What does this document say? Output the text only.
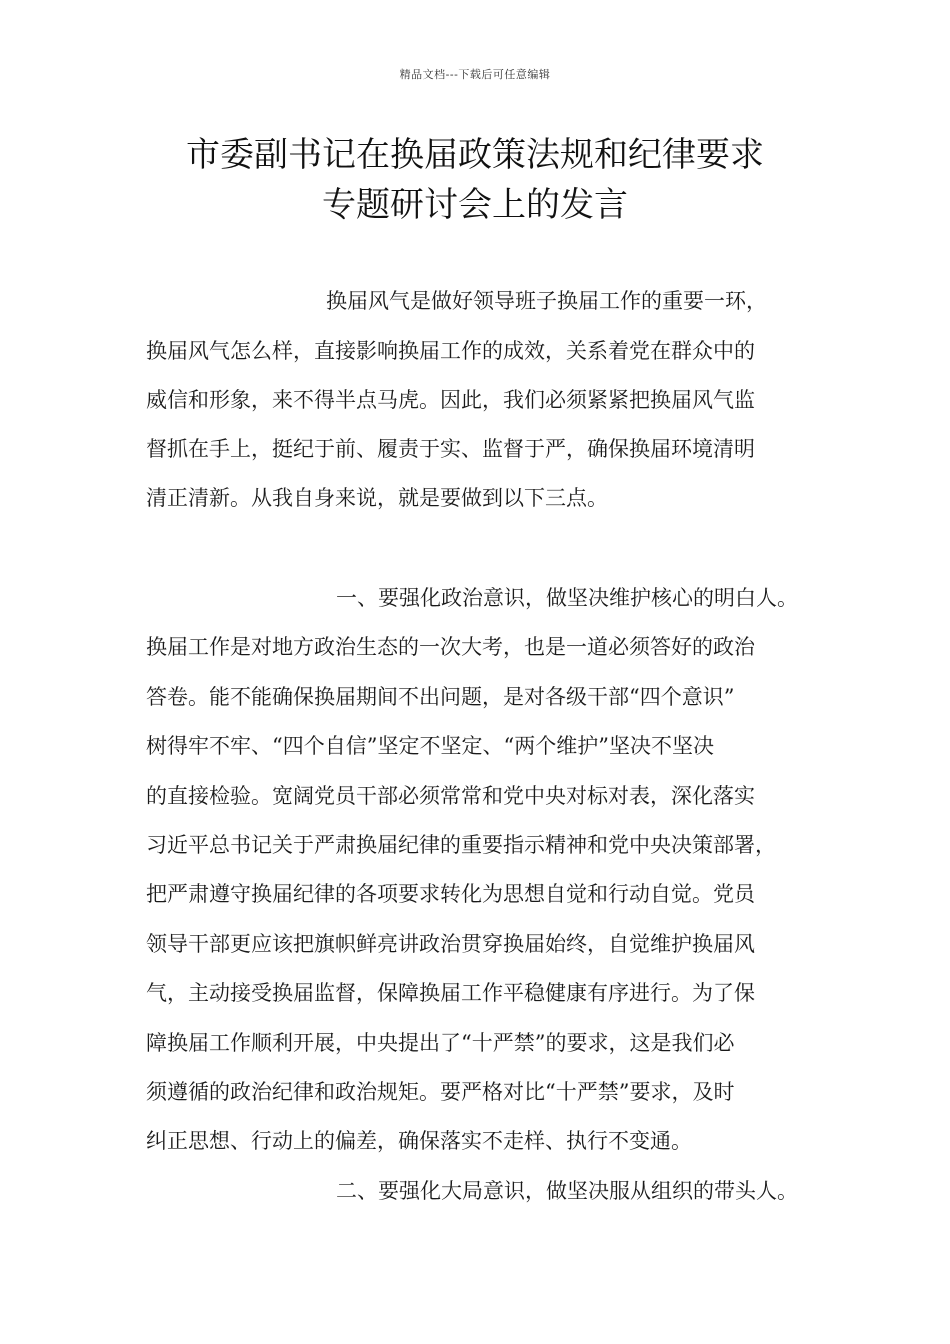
精品文档---下载后可任意编辑
市委副书记在换届政策法规和纪律要求
专题研讨会上的发言
换届风气是做好领导班子换届工作的重要一环，
换届风气怎么样，直接影响换届工作的成效，关系着党在群众中的
威信和形象，来不得半点马虎。因此，我们必须紧紧把换届风气监
督抓在手上，挺纪于前、履责于实、监督于严，确保换届环境清明
清正清新。从我自身来说，就是要做到以下三点。
一、要强化政治意识，做坚决维护核心的明白人。
换届工作是对地方政治生态的一次大考，也是一道必须答好的政治
答卷。能不能确保换届期间不出问题，是对各级干部“四个意识”
树得牢不牢、“四个自信”坚定不坚定、“两个维护”坚决不坚决
的直接检验。宽阔党员干部必须常常和党中央对标对表，深化落实
习近平总书记关于严肃换届纪律的重要指示精神和党中央决策部署，
把严肃遵守换届纪律的各项要求转化为思想自觉和行动自觉。党员
领导干部更应该把旗帜鲜亮讲政治贯穿换届始终，自觉维护换届风
气，主动接受换届监督，保障换届工作平稳健康有序进行。为了保
障换届工作顺利开展，中央提出了“十严禁”的要求，这是我们必
须遵循的政治纪律和政治规矩。要严格对比“十严禁”要求，及时
纠正思想、行动上的偏差，确保落实不走样、执行不变通。
二、要强化大局意识，做坚决服从组织的带头人。
